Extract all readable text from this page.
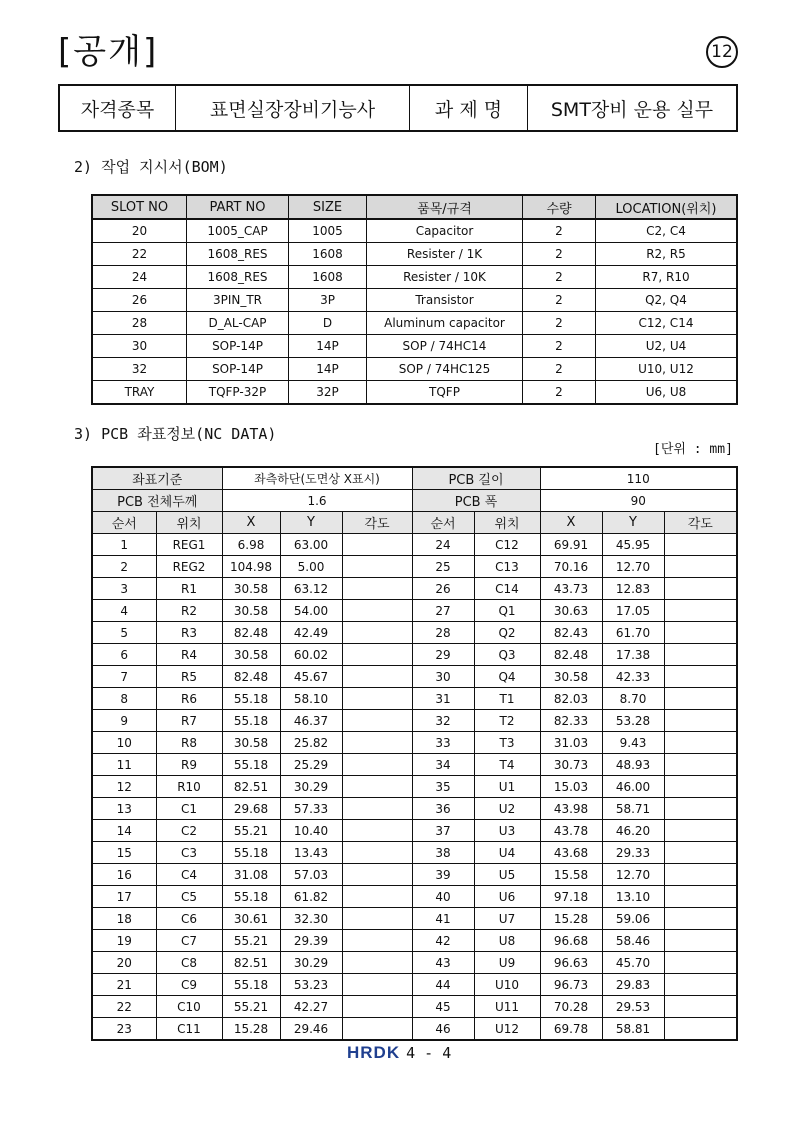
[공개]	12
자격종목	표면실장장비기능사	과 제 명	SMT장비 운용 실무
2) 작업 지시서(BOM)
SLOT NO	PART NO	SIZE	품목/규격	수량	LOCATION(위치)
20	1005_CAP	1005	Capacitor	2	C2, C4
22	1608_RES	1608	Resister / 1K	2	R2, R5
24	1608_RES	1608	Resister / 10K	2	R7, R10
26	3PIN_TR	3P	Transistor	2	Q2, Q4
28	D_AL-CAP	D	Aluminum capacitor	2	C12, C14
30	SOP-14P	14P	SOP / 74HC14	2	U2, U4
32	SOP-14P	14P	SOP / 74HC125	2	U10, U12
TRAY	TQFP-32P	32P	TQFP	2	U6, U8
3) PCB 좌표정보(NC DATA)
[단위 : mm]
좌표기준		좌측하단(도면상 X표시)			PCB 길이		110		
PCB 전체두께		1.6			PCB 폭		90		
순서	위치	X	Y	각도	순서	위치	X	Y	각도
1	REG1	6.98	63.00		24	C12	69.91	45.95	
2	REG2	104.98	5.00		25	C13	70.16	12.70	
3	R1	30.58	63.12		26	C14	43.73	12.83	
4	R2	30.58	54.00		27	Q1	30.63	17.05	
5	R3	82.48	42.49		28	Q2	82.43	61.70	
6	R4	30.58	60.02		29	Q3	82.48	17.38	
7	R5	82.48	45.67		30	Q4	30.58	42.33	
8	R6	55.18	58.10		31	T1	82.03	8.70	
9	R7	55.18	46.37		32	T2	82.33	53.28	
10	R8	30.58	25.82		33	T3	31.03	9.43	
11	R9	55.18	25.29		34	T4	30.73	48.93	
12	R10	82.51	30.29		35	U1	15.03	46.00	
13	C1	29.68	57.33		36	U2	43.98	58.71	
14	C2	55.21	10.40		37	U3	43.78	46.20	
15	C3	55.18	13.43		38	U4	43.68	29.33	
16	C4	31.08	57.03		39	U5	15.58	12.70	
17	C5	55.18	61.82		40	U6	97.18	13.10	
18	C6	30.61	32.30		41	U7	15.28	59.06	
19	C7	55.21	29.39		42	U8	96.68	58.46	
20	C8	82.51	30.29		43	U9	96.63	45.70	
21	C9	55.18	53.23		44	U10	96.73	29.83	
22	C10	55.21	42.27		45	U11	70.28	29.53	
23	C11	15.28	29.46		46	U12	69.78	58.81	
HRDK 4 - 4
